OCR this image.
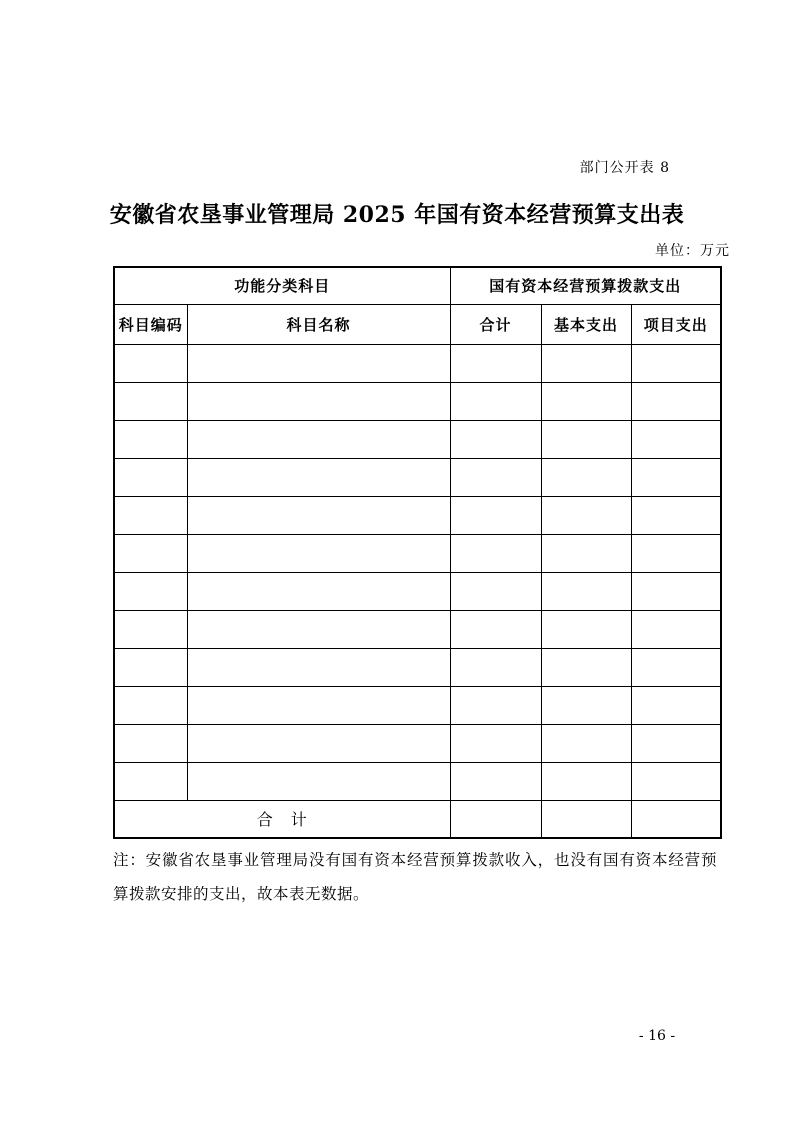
部门公开表 8
安徽省农垦事业管理局 2025 年国有资本经营预算支出表
单位：万元
功能分类科目		国有资本经营预算拨款支出		
科目编码	科目名称	合计	基本支出	项目支出

合　计				
注：安徽省农垦事业管理局没有国有资本经营预算拨款收入，也没有国有资本经营预
算拨款安排的支出，故本表无数据。
- 16 -
